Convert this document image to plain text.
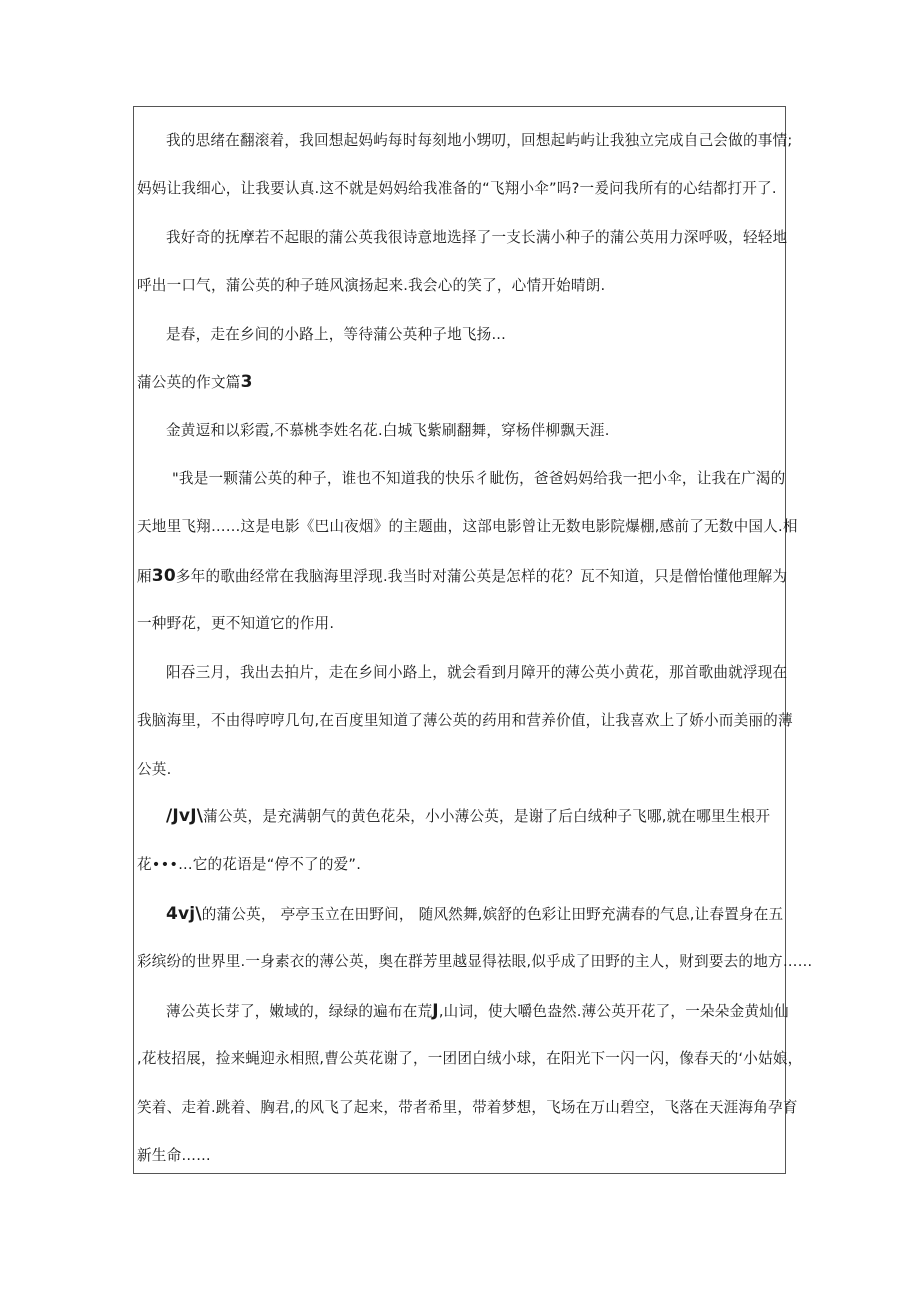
我的思绪在翻滚着，我回想起妈屿每时每刻地小甥叨，回想起屿屿让我独立完成自己会做的事情;
妈妈让我细心，让我要认真.这不就是妈妈给我准备的“飞翔小伞”吗?一爰问我所有的心结都打开了.
我好奇的抚摩若不起眼的蒲公英我很诗意地选择了一支长满小种子的蒲公英用力深呼吸，轻轻地
呼出一口气，蒲公英的种子琏风演扬起来.我会心的笑了，心情开始晴朗.
是春，走在乡间的小路上，等待蒲公英种子地飞扬...
蒲公英的作文篇3
金黄逗和以彩霞,不慕桃李姓名花.白城飞紫刷翻舞，穿杨伴柳飘天涯.
"我是一颗蒲公英的种子，谁也不知道我的快乐彳眦伤，爸爸妈妈给我一把小伞，让我在广渴的
天地里飞翔……这是电影《巴山夜烟》的主题曲，这部电影曾让无数电影院爆棚,感前了无数中国人.相
厢30多年的歌曲经常在我脑海里浮现.我当时对蒲公英是怎样的花？瓦不知道，只是僧怡懂他理解为
一种野花，更不知道它的作用.
阳吞三月，我出去拍片，走在乡间小路上，就会看到月障开的薄公英小黄花，那首歌曲就浮现在
我脑海里，不由得哼哼几句,在百度里知道了薄公英的药用和营养价值，让我喜欢上了娇小而美丽的薄
公英.
/JvJ\蒲公英，是充满朝气的黄色花朵，小小薄公英，是谢了后白绒种子飞哪,就在哪里生根开
花•••...它的花语是“停不了的爱”.
4vj\的蒲公英， 亭亭玉立在田野间， 随风然舞,嫔舒的色彩让田野充满春的气息,让春置身在五
彩缤纷的世界里.一身素衣的薄公英，奥在群芳里越显得祛眼,似乎成了田野的主人，财到要去的地方……
薄公英长芽了，嫩域的，绿绿的遍布在荒J,山词，使大嚼色盎然.薄公英开花了，一朵朵金黄灿仙
,花枝招展，捡来蝇迎永相照,曹公英花谢了，一团团白绒小球，在阳光下一闪一闪，像春天的‘小姑娘，
笑着、走着.跳着、胸君,的风飞了起来，带者希里，带着梦想，飞场在万山碧空，飞落在天涯海角孕育
新生命……
